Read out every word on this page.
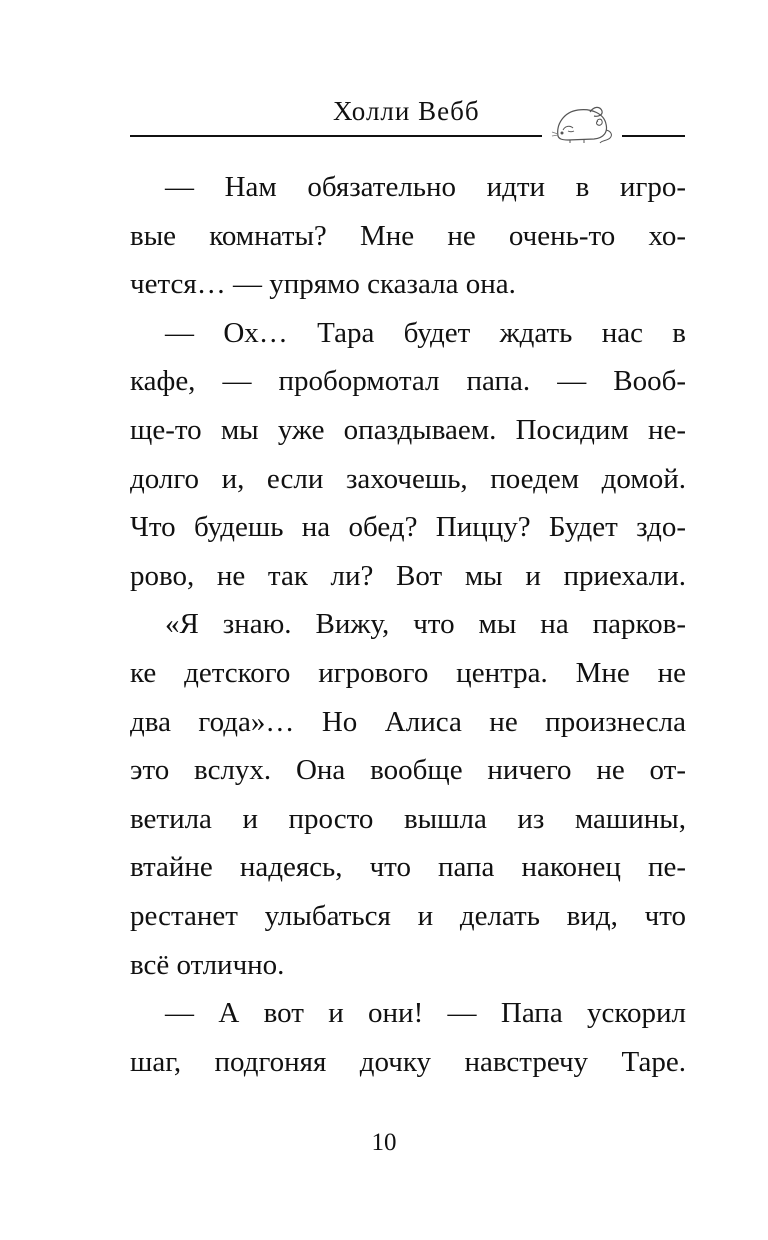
Холли Вебб
— Нам обязательно идти в игро-
вые комнаты? Мне не очень-то хо-
чется… — упрямо сказала она.
— Ох… Тара будет ждать нас в
кафе, — пробормотал папа. — Вооб-
ще-то мы уже опаздываем. Посидим не-
долго и, если захочешь, поедем домой.
Что будешь на обед? Пиццу? Будет здо-
рово, не так ли? Вот мы и приехали.
«Я знаю. Вижу, что мы на парков-
ке детского игрового центра. Мне не
два года»… Но Алиса не произнесла
это вслух. Она вообще ничего не от-
ветила и просто вышла из машины,
втайне надеясь, что папа наконец пе-
рестанет улыбаться и делать вид, что
всё отлично.
— А вот и они! — Папа ускорил
шаг, подгоняя дочку навстречу Таре.
10
